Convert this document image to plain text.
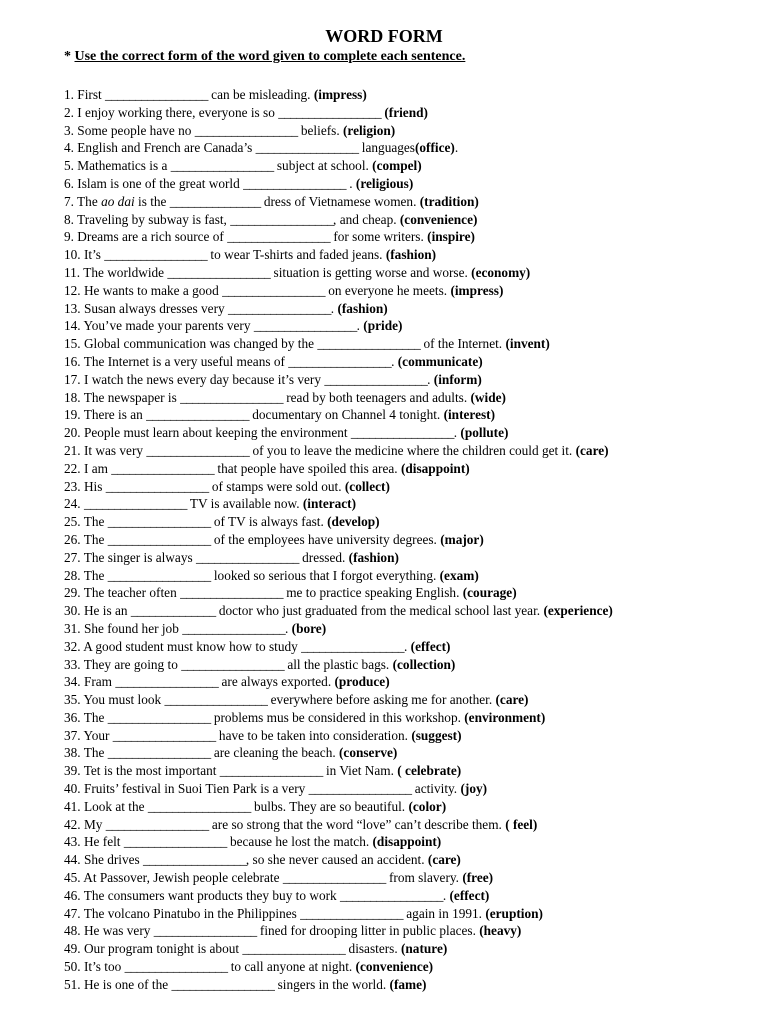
WORD FORM
* Use the correct form of the word given to complete each sentence.
1. First _________________ can be misleading. (impress)
2. I enjoy working there, everyone is so _________________ (friend)
3. Some people have no _________________ beliefs. (religion)
4. English and French are Canada’s _________________ languages(office).
5. Mathematics is a _________________ subject at school. (compel)
6. Islam is one of the great world _________________ . (religious)
7. The ao dai is the _______________ dress of Vietnamese women. (tradition)
8. Traveling by subway is fast, _________________, and cheap. (convenience)
9. Dreams are a rich source of _________________ for some writers. (inspire)
10. It’s _________________ to wear T-shirts and faded jeans. (fashion)
11. The worldwide _________________ situation is getting worse and worse. (economy)
12. He wants to make a good _________________ on everyone he meets. (impress)
13. Susan always dresses very _________________. (fashion)
14. You’ve made your parents very _________________. (pride)
15. Global communication was changed by the _________________ of the Internet. (invent)
16. The Internet is a very useful means of _________________. (communicate)
17. I watch the news every day because it’s very _________________. (inform)
18. The newspaper is _________________ read by both teenagers and adults. (wide)
19. There is an _________________ documentary on Channel 4 tonight. (interest)
20. People must learn about keeping the environment _________________. (pollute)
21. It was very _________________ of you to leave the medicine where the children could get it. (care)
22. I am _________________ that people have spoiled this area. (disappoint)
23. His _________________ of stamps were sold out. (collect)
24. _________________ TV is available now. (interact)
25. The _________________ of TV is always fast. (develop)
26. The _________________ of the employees have university degrees. (major)
27. The singer is always _________________ dressed. (fashion)
28. The _________________ looked so serious that I forgot everything. (exam)
29. The teacher often _________________ me to practice speaking English. (courage)
30. He is an ______________ doctor who just graduated from the medical school last year. (experience)
31. She found her job _________________. (bore)
32. A good student must know how to study _________________. (effect)
33. They are going to _________________ all the plastic bags. (collection)
34. Fram _________________ are always exported. (produce)
35. You must look _________________ everywhere before asking me for another. (care)
36. The _________________ problems mus be considered in this workshop. (environment)
37. Your _________________ have to be taken into consideration. (suggest)
38. The _________________ are cleaning the beach. (conserve)
39. Tet is the most important _________________ in Viet Nam. ( celebrate)
40. Fruits’ festival in Suoi Tien Park is a very _________________ activity. (joy)
41. Look at the _________________ bulbs. They are so beautiful. (color)
42. My _________________ are so strong that the word “love” can’t describe them. ( feel)
43. He felt _________________ because he lost the match. (disappoint)
44. She drives _________________, so she never caused an accident. (care)
45. At Passover, Jewish people celebrate _________________ from slavery. (free)
46. The consumers want products they buy to work _________________. (effect)
47. The volcano Pinatubo in the Philippines _________________ again in 1991. (eruption)
48. He was very _________________ fined for drooping litter in public places. (heavy)
49. Our program tonight is about _________________ disasters. (nature)
50. It’s too _________________ to call anyone at night. (convenience)
51. He is one of the _________________ singers in the world. (fame)
